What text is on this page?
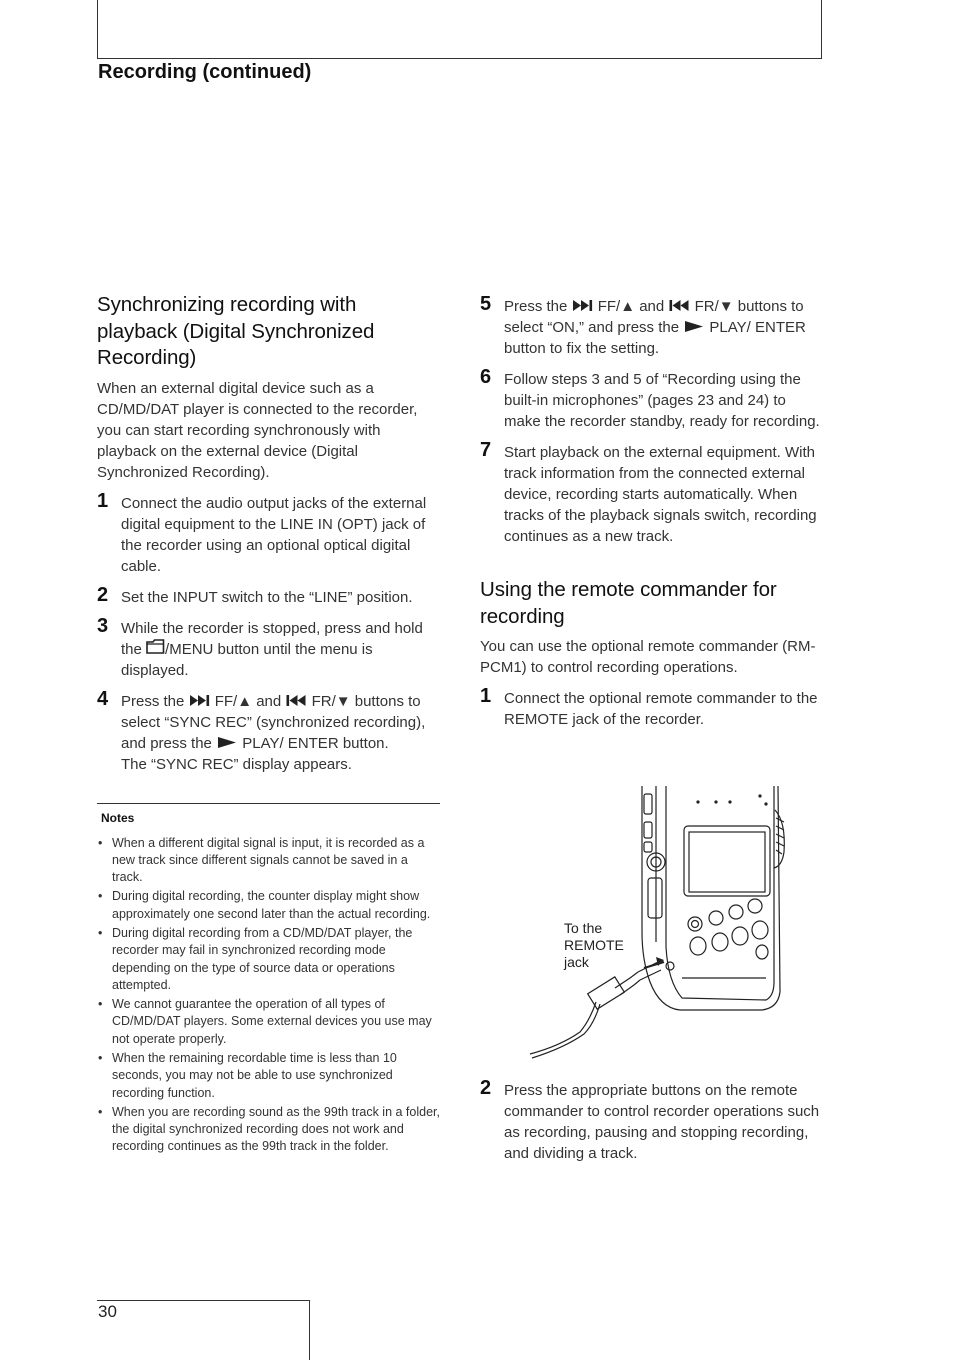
Recording (continued)
Synchronizing recording with playback (Digital Synchronized Recording)

When an external digital device such as a CD/MD/DAT player is connected to the recorder, you can start recording synchronously with playback on the external device (Digital Synchronized Recording).

1 Connect the audio output jacks of the external digital equipment to the LINE IN (OPT) jack of the recorder using an optional optical digital cable.
2 Set the INPUT switch to the “LINE” position.
3 While the recorder is stopped, press and hold the /MENU button until the menu is displayed.
4 Press the  FF/▲ and  FR/▼ buttons to select “SYNC REC” (synchronized recording), and press the  PLAY/ ENTER button.
The “SYNC REC” display appears.
Notes
• When a different digital signal is input, it is recorded as a new track since different signals cannot be saved in a track.
• During digital recording, the counter display might show approximately one second later than the actual recording.
• During digital recording from a CD/MD/DAT player, the recorder may fail in synchronized recording mode depending on the type of source data or operations attempted.
• We cannot guarantee the operation of all types of CD/MD/DAT players. Some external devices you use may not operate properly.
• When the remaining recordable time is less than 10 seconds, you may not be able to use synchronized recording function.
• When you are recording sound as the 99th track in a folder, the digital synchronized recording does not work and recording continues as the 99th track in the folder.
5 Press the  FF/▲ and  FR/▼ buttons to select “ON,” and press the  PLAY/ ENTER button to fix the setting.
6 Follow steps 3 and 5 of “Recording using the built-in microphones” (pages 23 and 24) to make the recorder standby, ready for recording.
7 Start playback on the external equipment. With track information from the connected external device, recording starts automatically. When tracks of the playback signals switch, recording continues as a new track.
Using the remote commander for recording

You can use the optional remote commander (RM-PCM1) to control recording operations.

1 Connect the optional remote commander to the REMOTE jack of the recorder.
To the
REMOTE
jack
2 Press the appropriate buttons on the remote commander to control recorder operations such as recording, pausing and stopping recording, and dividing a track.
30
